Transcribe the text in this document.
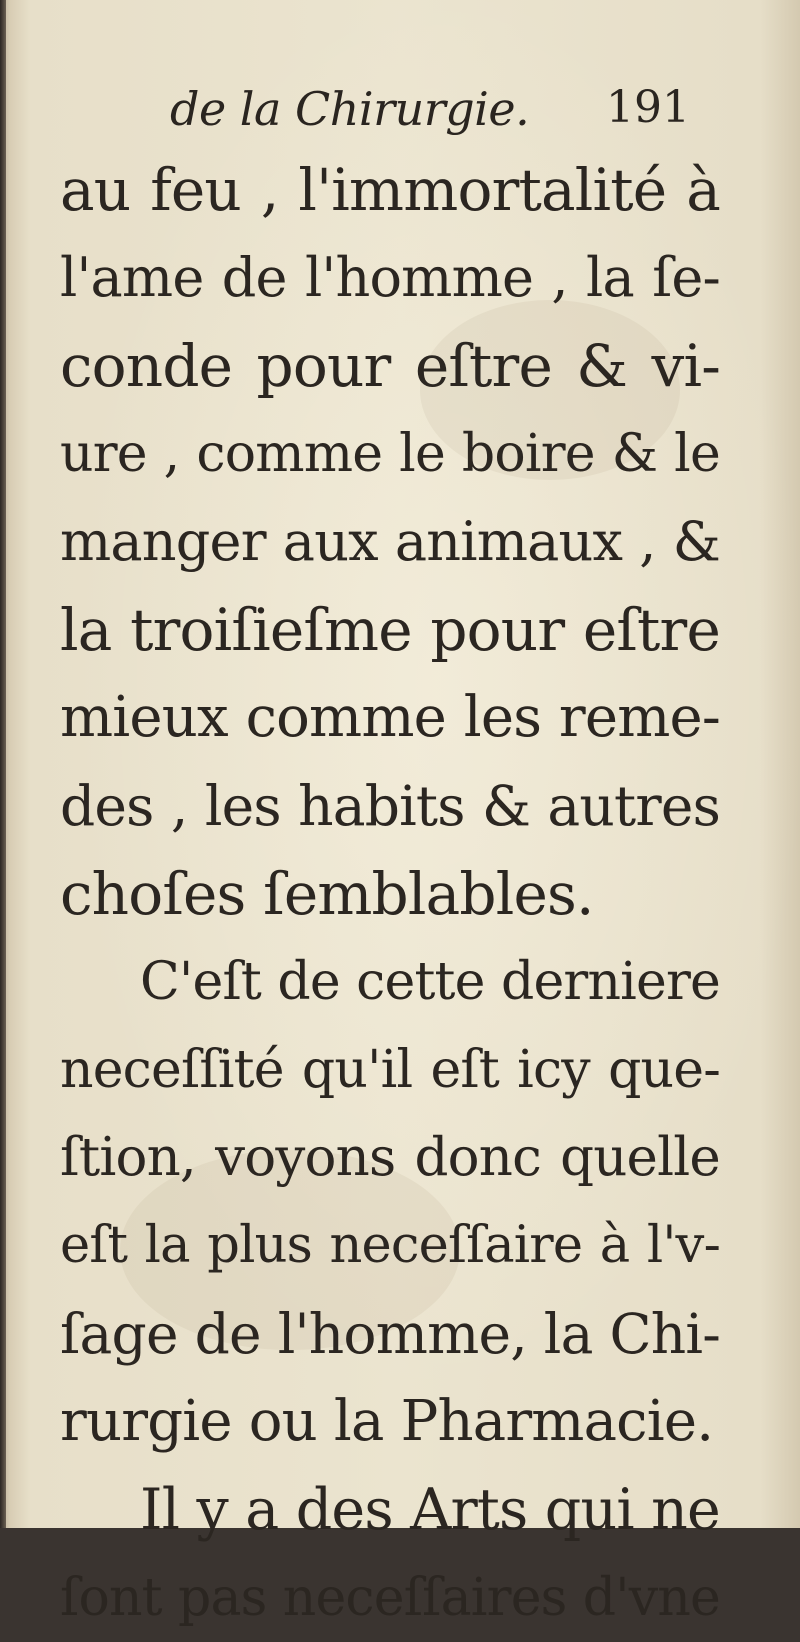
de la Chirurgie. 191
au feu , l'immortalité à
l'ame de l'homme , la ſe-
conde pour eſtre & vi-
ure , comme le boire & le
manger aux animaux , &
la troiſieſme pour eſtre
mieux comme les reme-
des , les habits & autres
choſes ſemblables.
C'eſt de cette derniere
neceſſité qu'il eſt icy que-
ſtion, voyons donc quelle
eſt la plus neceſſaire à l'v-
ſage de l'homme, la Chi-
rurgie ou la Pharmacie.
Il y a des Arts qui ne
ſont pas neceſſaires d'vne
